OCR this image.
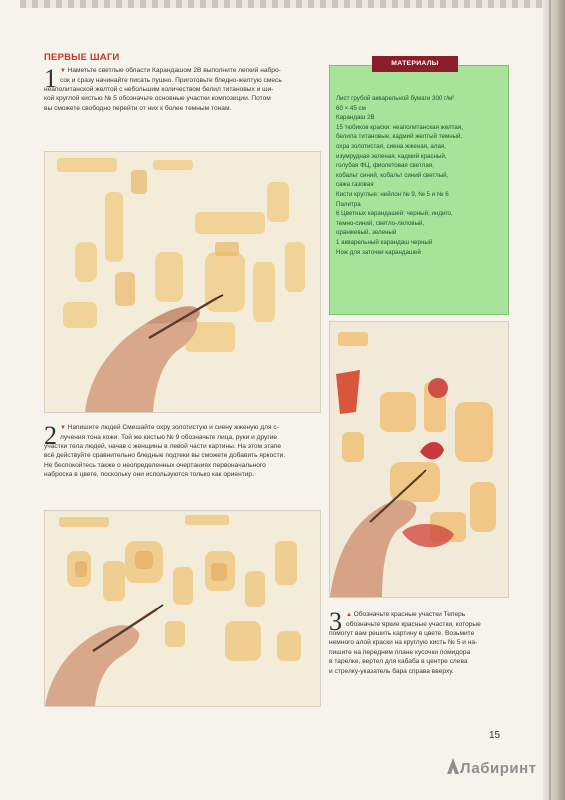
ПЕРВЫЕ ШАГИ
1 ▼ Наметьте светлые области Карандашом 2В выполните легкий набро-
сок и сразу начинайте писать пушно. Приготовьте бледно-желтую смесь
неаполитанской желтой с небольшим количеством белил титановых и ши-
кой круглой кистью № 5 обозначьте основные участки композиции. Потом
вы сможете свободно перейти от них к более темным тонам.
МАТЕРИАЛЫ
Лист грубой акварельной бумаги 300 г/м²
60 × 45 см
Карандаш 2В
15 тюбиков краски: неаполитанская желтая,
белила титановые, кадмий желтый темный,
охра золотистая, сиена жженая, алая,
изумрудная зеленая, кадмий красный,
голубая ФЦ, фиолетовая светлая,
кобальт синий, кобальт синий светлый,
сажа газовая
Кисти круглые: нейлон № 9, № 5 и № 6
Палитра
6 Цветных карандашей: черный, индиго,
темно-синий, светло-лиловый,
оранжевый, зеленый
1 акварельный карандаш черный
Нож для заточки карандашей
2 ▼ Напишите людей Смешайте охру золотистую и сиену жженую для с-
лучения тона кожи. Той же кистью № 9 обозначьте лица, руки и другие
участки тела людей, начав с женщины в левой части картины. На этом этапе
всё действуйте сравнительно бледные подтеки вы сможете добавить яркости.
Не беспокойтесь также о неопределенных очертаниях первоначального
наброска в цвете, поскольку они используются только как ориентир.
3 ▲ Обозначьте красные участки Теперь
обозначьте яркие красные участки, которые
помогут вам решить картину в цвете. Возьмите
немного алой краски на круглую кисть № 5 и на-
пишите на переднем плане кусочки помидора
в тарелке, вертел для кабаба в центре слева
и стрелку-указатель бара справа вверху.
15
Лабиринт
